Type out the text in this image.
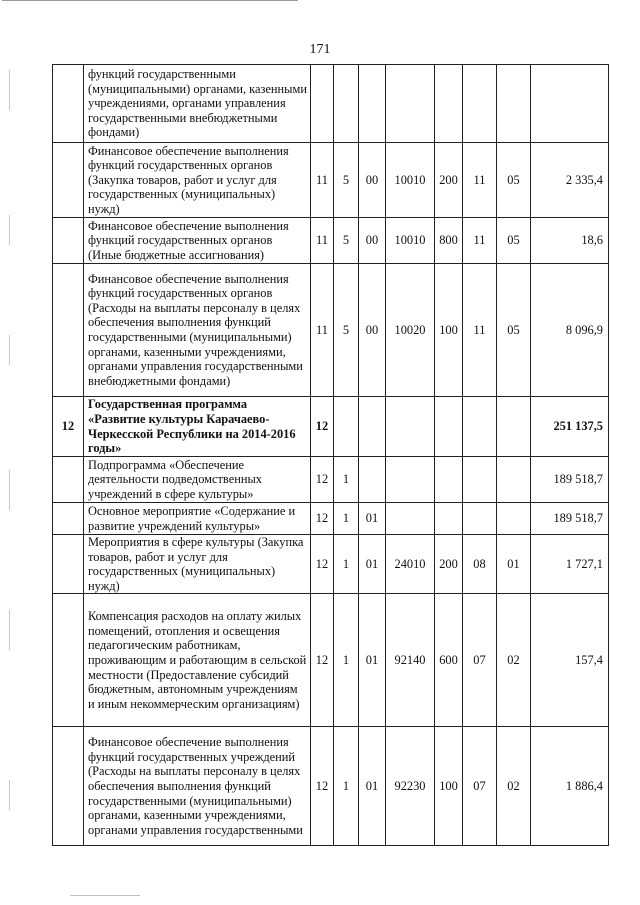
171
	функций государственными (муниципальными) органами, казенными учреждениями, органами управления государственными внебюджетными фондами)								
	Финансовое обеспечение выполнения функций государственных органов (Закупка товаров, работ и услуг для государственных (муниципальных) нужд)	11	5	00	10010	200	11	05	2 335,4
	Финансовое обеспечение выполнения функций государственных органов (Иные бюджетные ассигнования)	11	5	00	10010	800	11	05	18,6
	Финансовое обеспечение выполнения функций государственных органов (Расходы на выплаты персоналу в целях обеспечения выполнения функций государственными (муниципальными) органами, казенными учреждениями, органами управления государственными внебюджетными фондами)	11	5	00	10020	100	11	05	8 096,9
12	Государственная программа «Развитие культуры Карачаево-Черкесской Республики на 2014-2016 годы»	12							251 137,5
	Подпрограмма «Обеспечение деятельности подведомственных учреждений в сфере культуры»	12	1						189 518,7
	Основное мероприятие «Содержание и развитие учреждений культуры»	12	1	01					189 518,7
	Мероприятия в сфере культуры (Закупка товаров, работ и услуг для государственных (муниципальных) нужд)	12	1	01	24010	200	08	01	1 727,1
	Компенсация расходов на оплату жилых помещений, отопления и освещения педагогическим работникам, проживающим и работающим в сельской местности (Предоставление субсидий бюджетным, автономным учреждениям и иным некоммерческим организациям)	12	1	01	92140	600	07	02	157,4
	Финансовое обеспечение выполнения функций государственных учреждений (Расходы на выплаты персоналу в целях обеспечения выполнения функций государственными (муниципальными) органами, казенными учреждениями, органами управления государственными	12	1	01	92230	100	07	02	1 886,4
